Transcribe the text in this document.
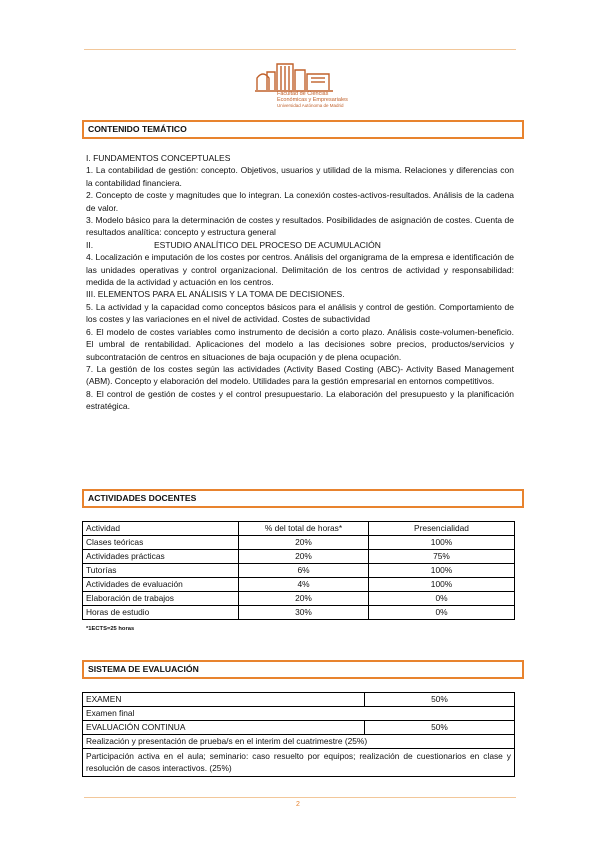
Facultad de Ciencias
Económicas y Empresariales
Universidad Autónoma de Madrid
CONTENIDO TEMÁTICO

I. FUNDAMENTOS CONCEPTUALES

1. La contabilidad de gestión: concepto. Objetivos, usuarios y utilidad de la misma. Relaciones y diferencias con la contabilidad financiera.

2. Concepto de coste y magnitudes que lo integran. La conexión costes-activos-resultados. Análisis de la cadena de valor.

3. Modelo básico para la determinación de costes y resultados. Posibilidades de asignación de costes. Cuenta de resultados analítica: concepto y estructura general

II.	ESTUDIO ANALÍTICO DEL PROCESO DE ACUMULACIÓN

4. Localización e imputación de los costes por centros. Análisis del organigrama de la empresa e identificación de las unidades operativas y control organizacional. Delimitación de los centros de actividad y responsabilidad: medida de la actividad y actuación en los centros.

III. ELEMENTOS PARA EL ANÁLISIS Y LA TOMA DE DECISIONES.

5. La actividad y la capacidad como conceptos básicos para el análisis y control de gestión. Comportamiento de los costes y las variaciones en el nivel de actividad. Costes de subactividad

6. El modelo de costes variables como instrumento de decisión a corto plazo. Análisis coste-volumen-beneficio. El umbral de rentabilidad. Aplicaciones del modelo a las decisiones sobre precios, productos/servicios y subcontratación de centros en situaciones de baja ocupación y de plena ocupación.

7. La gestión de los costes según las actividades (Activity Based Costing (ABC)- Activity Based Management (ABM). Concepto y elaboración del modelo. Utilidades para la gestión empresarial en entornos competitivos.

8. El control de gestión de costes y el control presupuestario. La elaboración del presupuesto y la planificación estratégica.

ACTIVIDADES DOCENTES
Actividad	% del total de horas*	Presencialidad
Clases teóricas	20%	100%
Actividades prácticas	20%	75%
Tutorías	6%	100%
Actividades de evaluación	4%	100%
Elaboración de trabajos	20%	0%
Horas de estudio	30%	0%
*1ECTS=25 horas
SISTEMA DE EVALUACIÓN
EXAMEN	50%
Examen final	
EVALUACIÓN CONTINUA	50%
Realización y presentación de prueba/s en el interim del cuatrimestre (25%)	
Participación activa en el aula; seminario: caso resuelto por equipos; realización de cuestionarios en clase y resolución de casos interactivos. (25%)	
2
